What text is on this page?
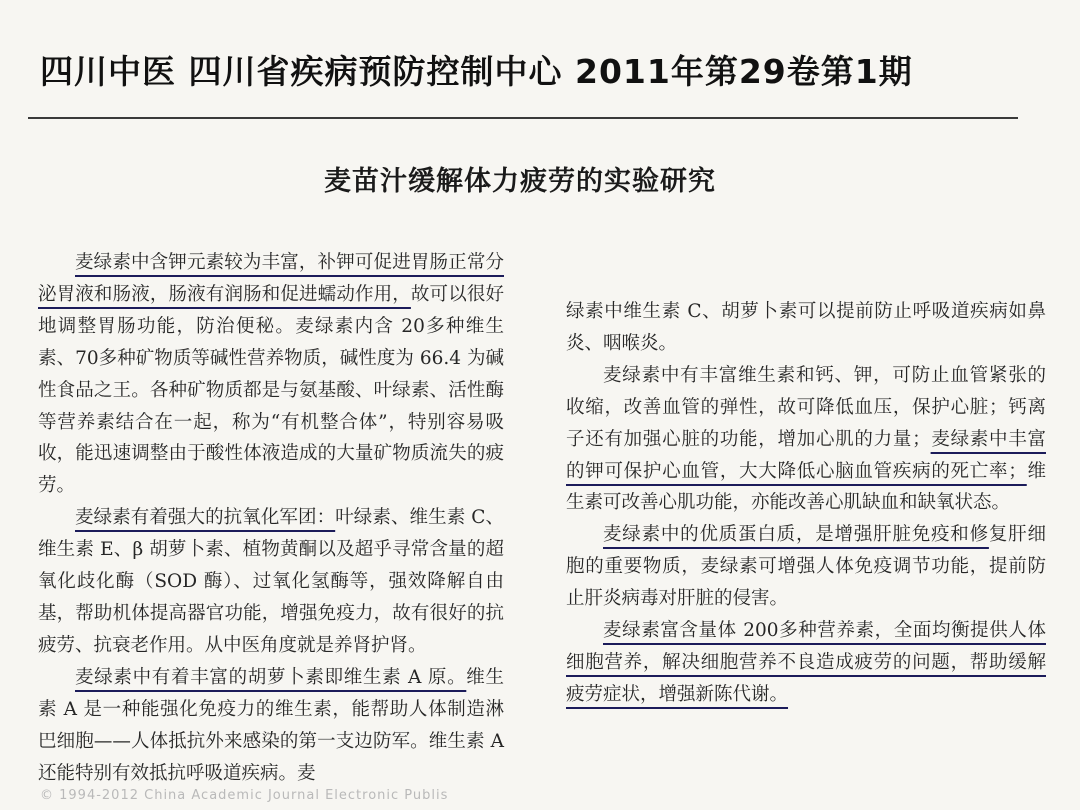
四川中医 四川省疾病预防控制中心 2011年第29卷第1期
麦苗汁缓解体力疲劳的实验研究

麦绿素中含钾元素较为丰富，补钾可促进胃肠正常分泌胃液和肠液，肠液有润肠和促进蠕动作用，故可以很好地调整胃肠功能，防治便秘。麦绿素内含 20多种维生素、70多种矿物质等碱性营养物质，碱性度为 66.4 为碱性食品之王。各种矿物质都是与氨基酸、叶绿素、活性酶等营养素结合在一起，称为“有机整合体”，特别容易吸收，能迅速调整由于酸性体液造成的大量矿物质流失的疲劳。

麦绿素有着强大的抗氧化军团：叶绿素、维生素 C、维生素 E、β 胡萝卜素、植物黄酮以及超乎寻常含量的超氧化歧化酶（SOD 酶）、过氧化氢酶等，强效降解自由基，帮助机体提高器官功能，增强免疫力，故有很好的抗疲劳、抗衰老作用。从中医角度就是养肾护肾。

麦绿素中有着丰富的胡萝卜素即维生素 A 原。维生素 A 是一种能强化免疫力的维生素，能帮助人体制造淋巴细胞——人体抵抗外来感染的第一支边防军。维生素 A 还能特别有效抵抗呼吸道疾病。麦

绿素中维生素 C、胡萝卜素可以提前防止呼吸道疾病如鼻炎、咽喉炎。

麦绿素中有丰富维生素和钙、钾，可防止血管紧张的收缩，改善血管的弹性，故可降低血压，保护心脏；钙离子还有加强心脏的功能，增加心肌的力量；麦绿素中丰富的钾可保护心血管，大大降低心脑血管疾病的死亡率；维生素可改善心肌功能，亦能改善心肌缺血和缺氧状态。

麦绿素中的优质蛋白质，是增强肝脏免疫和修复肝细胞的重要物质，麦绿素可增强人体免疫调节功能，提前防止肝炎病毒对肝脏的侵害。

麦绿素富含量体 200多种营养素，全面均衡提供人体细胞营养，解决细胞营养不良造成疲劳的问题，帮助缓解疲劳症状，增强新陈代谢。

© 1994-2012 China Academic Journal Electronic Publis
